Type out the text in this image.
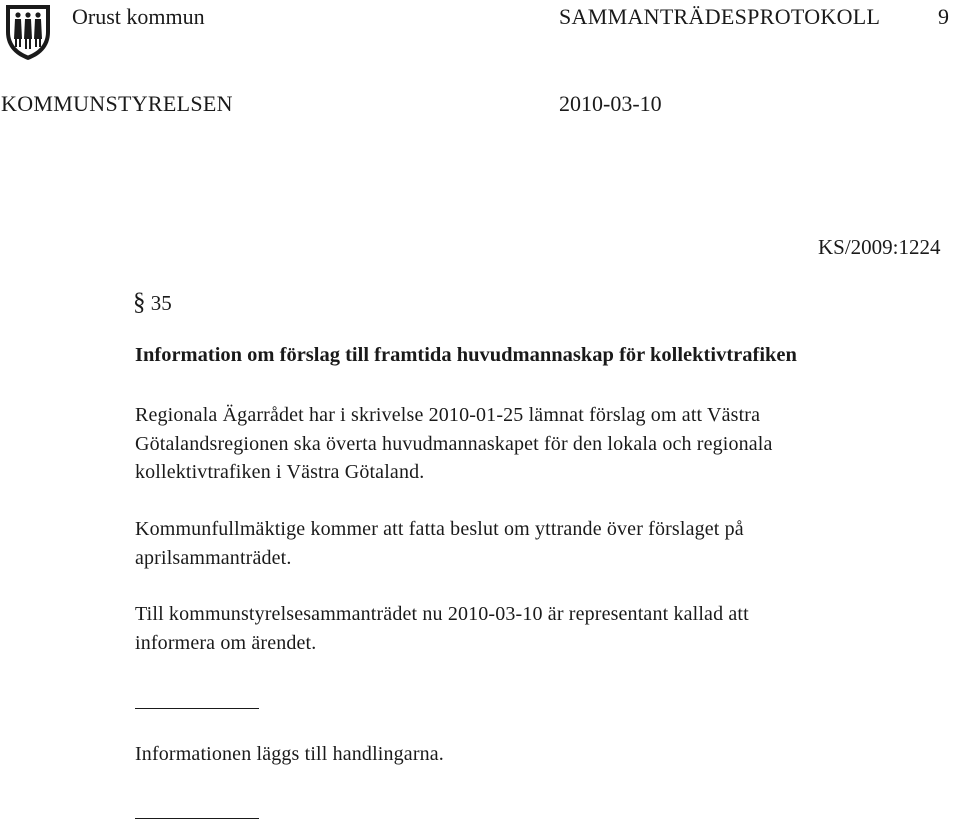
Orust kommun	SAMMANTRÄDESPROTOKOLL	9
KOMMUNSTYRELSEN	2010-03-10
KS/2009:1224
§ 35
Information om förslag till framtida huvudmannaskap för kollektivtrafiken
Regionala Ägarrådet har i skrivelse 2010-01-25 lämnat förslag om att Västra
Götalandsregionen ska överta huvudmannaskapet för den lokala och regionala
kollektivtrafiken i Västra Götaland.
Kommunfullmäktige kommer att fatta beslut om yttrande över förslaget på
aprilsammanträdet.
Till kommunstyrelsesammanträdet nu 2010-03-10 är representant kallad att
informera om ärendet.
Informationen läggs till handlingarna.
